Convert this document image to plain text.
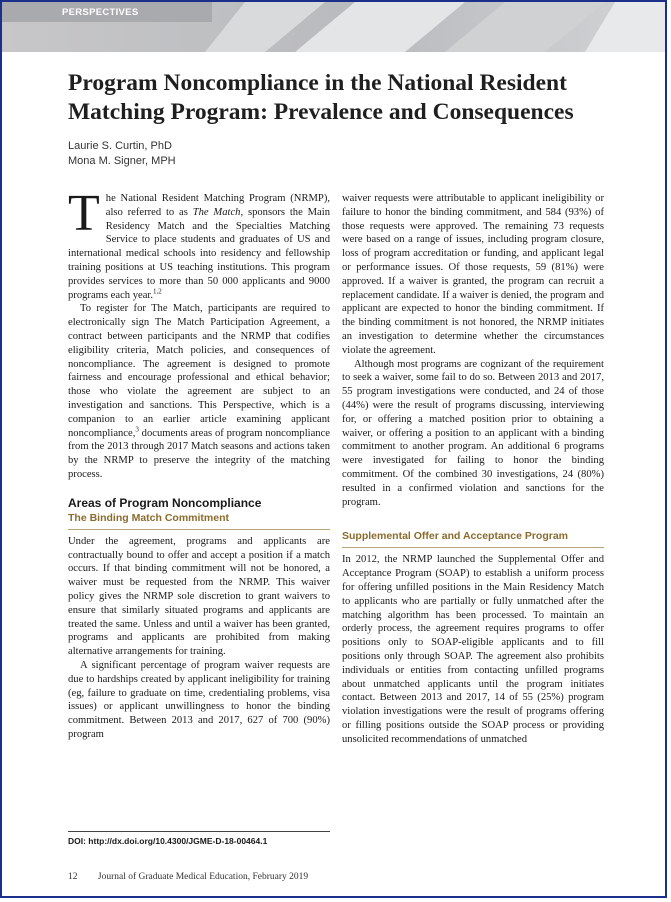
PERSPECTIVES
Program Noncompliance in the National Resident Matching Program: Prevalence and Consequences
Laurie S. Curtin, PhD
Mona M. Signer, MPH

The National Resident Matching Program (NRMP), also referred to as The Match, sponsors the Main Residency Match and the Specialties Matching Service to place students and graduates of US and international medical schools into residency and fellowship training positions at US teaching institutions. This program provides services to more than 50 000 applicants and 9000 programs each year.$^{1,2}$

To register for The Match, participants are required to electronically sign The Match Participation Agreement, a contract between participants and the NRMP that codifies eligibility criteria, Match policies, and consequences of noncompliance. The agreement is designed to promote fairness and encourage professional and ethical behavior; those who violate the agreement are subject to an investigation and sanctions. This Perspective, which is a companion to an earlier article examining applicant noncompliance,$^3$ documents areas of program noncompliance from the 2013 through 2017 Match seasons and actions taken by the NRMP to preserve the integrity of the matching process.

Areas of Program Noncompliance
The Binding Match Commitment

Under the agreement, programs and applicants are contractually bound to offer and accept a position if a match occurs. If that binding commitment will not be honored, a waiver must be requested from the NRMP. This waiver policy gives the NRMP sole discretion to grant waivers to ensure that similarly situated programs and applicants are treated the same. Unless and until a waiver has been granted, programs and applicants are prohibited from making alternative arrangements for training.

A significant percentage of program waiver requests are due to hardships created by applicant ineligibility for training (eg, failure to graduate on time, credentialing problems, visa issues) or applicant unwillingness to honor the binding commitment. Between 2013 and 2017, 627 of 700 (90%) program

waiver requests were attributable to applicant ineligibility or failure to honor the binding commitment, and 584 (93%) of those requests were approved. The remaining 73 requests were based on a range of issues, including program closure, loss of program accreditation or funding, and applicant legal or performance issues. Of those requests, 59 (81%) were approved. If a waiver is granted, the program can recruit a replacement candidate. If a waiver is denied, the program and applicant are expected to honor the binding commitment. If the binding commitment is not honored, the NRMP initiates an investigation to determine whether the circumstances violate the agreement.

Although most programs are cognizant of the requirement to seek a waiver, some fail to do so. Between 2013 and 2017, 55 program investigations were conducted, and 24 of those (44%) were the result of programs discussing, interviewing for, or offering a matched position prior to obtaining a waiver, or offering a position to an applicant with a binding commitment to another program. An additional 6 programs were investigated for failing to honor the binding commitment. Of the combined 30 investigations, 24 (80%) resulted in a confirmed violation and sanctions for the program.

Supplemental Offer and Acceptance Program

In 2012, the NRMP launched the Supplemental Offer and Acceptance Program (SOAP) to establish a uniform process for offering unfilled positions in the Main Residency Match to applicants who are partially or fully unmatched after the matching algorithm has been processed. To maintain an orderly process, the agreement requires programs to offer positions only to SOAP-eligible applicants and to fill positions only through SOAP. The agreement also prohibits individuals or entities from contacting unfilled programs about unmatched applicants until the program initiates contact. Between 2013 and 2017, 14 of 55 (25%) program violation investigations were the result of programs offering or filling positions outside the SOAP process or providing unsolicited recommendations of unmatched

DOI: http://dx.doi.org/10.4300/JGME-D-18-00464.1
12 Journal of Graduate Medical Education, February 2019
